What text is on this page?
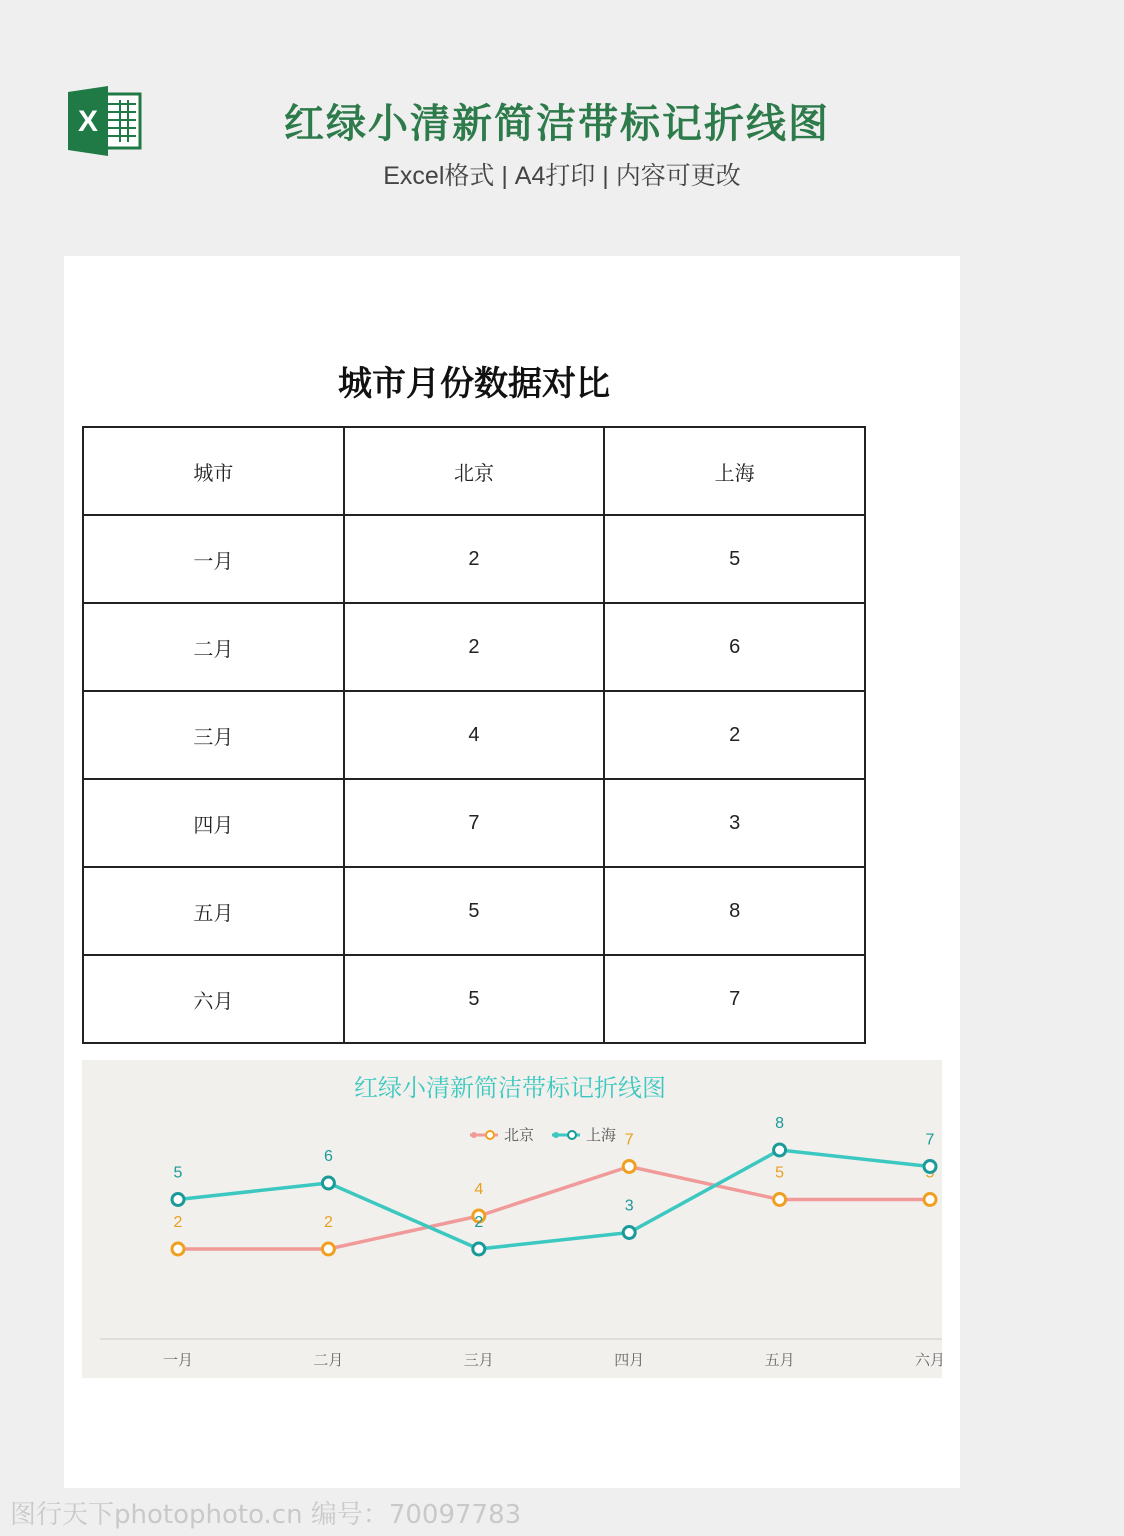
X	红绿小清新简洁带标记折线图
Excel格式 | A4打印 | 内容可更改
城市月份数据对比
城市	北京	上海
一月	2	5
二月	2	6
三月	4	2
四月	7	3
五月	5	8
六月	5	7
红绿小清新简洁带标记折线图
北京	上海
一月	二月	三月	四月	五月	六月
2	2
4
7
5
5
6
2
3
8
7
图行天下photophoto.cn 编号：70097783
